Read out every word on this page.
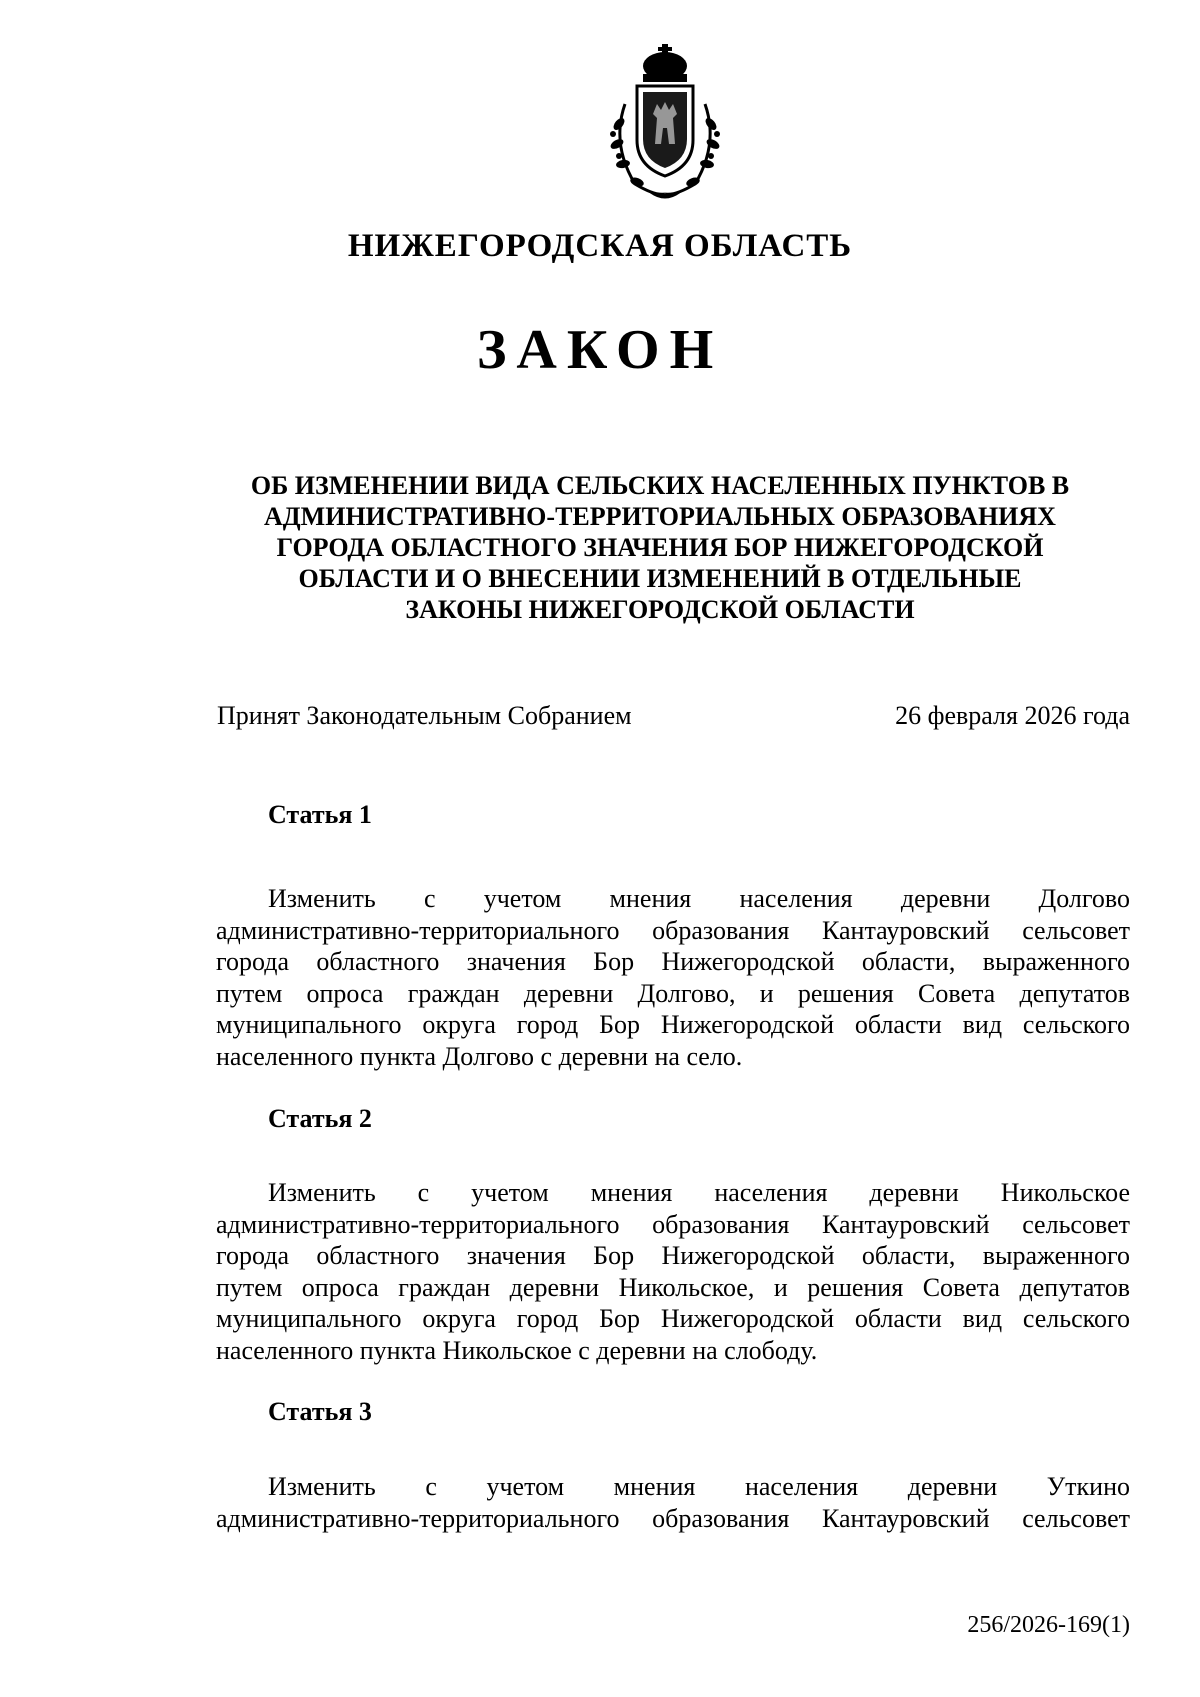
НИЖЕГОРОДСКАЯ ОБЛАСТЬ
ЗАКОН
ОБ ИЗМЕНЕНИИ ВИДА СЕЛЬСКИХ НАСЕЛЕННЫХ ПУНКТОВ В
АДМИНИСТРАТИВНО-ТЕРРИТОРИАЛЬНЫХ ОБРАЗОВАНИЯХ
ГОРОДА ОБЛАСТНОГО ЗНАЧЕНИЯ БОР НИЖЕГОРОДСКОЙ
ОБЛАСТИ И О ВНЕСЕНИИ ИЗМЕНЕНИЙ В ОТДЕЛЬНЫЕ
ЗАКОНЫ НИЖЕГОРОДСКОЙ ОБЛАСТИ
Принят Законодательным Собранием	26 февраля 2026 года
Статья 1
Изменить с учетом мнения населения деревни Долгово
административно-территориального образования Кантауровский сельсовет
города областного значения Бор Нижегородской области, выраженного
путем опроса граждан деревни Долгово, и решения Совета депутатов
муниципального округа город Бор Нижегородской области вид сельского
населенного пункта Долгово с деревни на село.
Статья 2
Изменить с учетом мнения населения деревни Никольское
административно-территориального образования Кантауровский сельсовет
города областного значения Бор Нижегородской области, выраженного
путем опроса граждан деревни Никольское, и решения Совета депутатов
муниципального округа город Бор Нижегородской области вид сельского
населенного пункта Никольское с деревни на слободу.
Статья 3
Изменить с учетом мнения населения деревни Уткино
административно-территориального образования Кантауровский сельсовет
256/2026-169(1)
